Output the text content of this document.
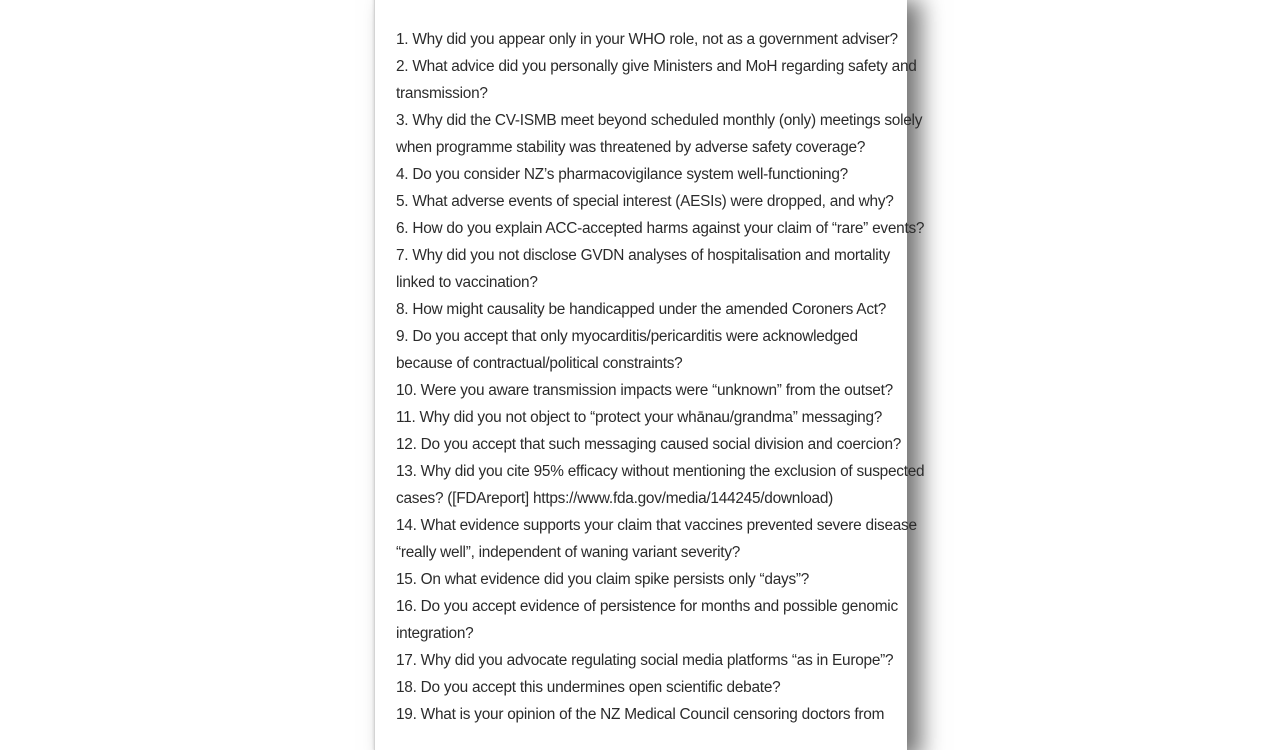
1. Why did you appear only in your WHO role, not as a government adviser?

2. What advice did you personally give Ministers and MoH regarding safety and
transmission?

3. Why did the CV-ISMB meet beyond scheduled monthly (only) meetings solely
when programme stability was threatened by adverse safety coverage?

4. Do you consider NZ’s pharmacovigilance system well-functioning?

5. What adverse events of special interest (AESIs) were dropped, and why?

6. How do you explain ACC-accepted harms against your claim of “rare” events?

7. Why did you not disclose GVDN analyses of hospitalisation and mortality
linked to vaccination?

8. How might causality be handicapped under the amended Coroners Act?

9. Do you accept that only myocarditis/pericarditis were acknowledged
because of contractual/political constraints?

10. Were you aware transmission impacts were “unknown” from the outset?

11. Why did you not object to “protect your whānau/grandma” messaging?

12. Do you accept that such messaging caused social division and coercion?

13. Why did you cite 95% efficacy without mentioning the exclusion of suspected
cases? ([FDAreport] https://www.fda.gov/media/144245/download)

14. What evidence supports your claim that vaccines prevented severe disease
“really well”, independent of waning variant severity?

15. On what evidence did you claim spike persists only “days”?

16. Do you accept evidence of persistence for months and possible genomic
integration?

17. Why did you advocate regulating social media platforms “as in Europe”?

18. Do you accept this undermines open scientific debate?

19. What is your opinion of the NZ Medical Council censoring doctors from
